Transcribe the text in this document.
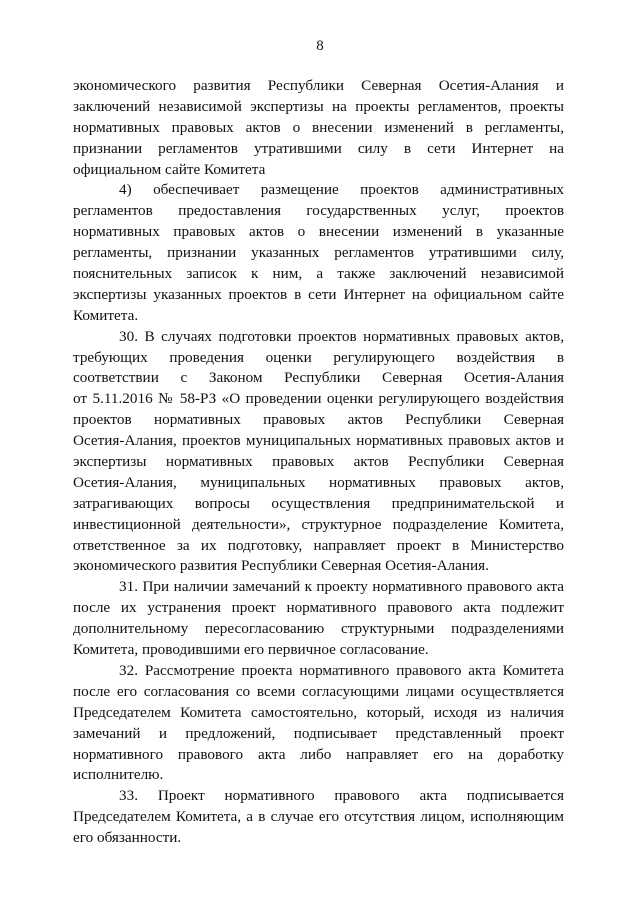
8
экономического развития Республики Северная Осетия-Алания и
заключений независимой экспертизы на проекты регламентов, проекты
нормативных правовых актов о внесении изменений в регламенты,
признании регламентов утратившими силу в сети Интернет на
официальном сайте Комитета
4) обеспечивает размещение проектов административных
регламентов предоставления государственных услуг, проектов
нормативных правовых актов о внесении изменений в указанные
регламенты, признании указанных регламентов утратившими силу,
пояснительных записок к ним, а также заключений независимой
экспертизы указанных проектов в сети Интернет на официальном сайте
Комитета.
30. В случаях подготовки проектов нормативных правовых актов,
требующих проведения оценки регулирующего воздействия в
соответствии с Законом Республики Северная Осетия-Алания
от 5.11.2016 № 58-РЗ «О проведении оценки регулирующего воздействия
проектов нормативных правовых актов Республики Северная
Осетия-Алания, проектов муниципальных нормативных правовых актов и
экспертизы нормативных правовых актов Республики Северная
Осетия-Алания, муниципальных нормативных правовых актов,
затрагивающих вопросы осуществления предпринимательской и
инвестиционной деятельности», структурное подразделение Комитета,
ответственное за их подготовку, направляет проект в Министерство
экономического развития Республики Северная Осетия-Алания.
31. При наличии замечаний к проекту нормативного правового акта
после их устранения проект нормативного правового акта подлежит
дополнительному пересогласованию структурными подразделениями
Комитета, проводившими его первичное согласование.
32. Рассмотрение проекта нормативного правового акта Комитета
после его согласования со всеми согласующими лицами осуществляется
Председателем Комитета самостоятельно, который, исходя из наличия
замечаний и предложений, подписывает представленный проект
нормативного правового акта либо направляет его на доработку
исполнителю.
33. Проект нормативного правового акта подписывается
Председателем Комитета, а в случае его отсутствия лицом, исполняющим
его обязанности.
